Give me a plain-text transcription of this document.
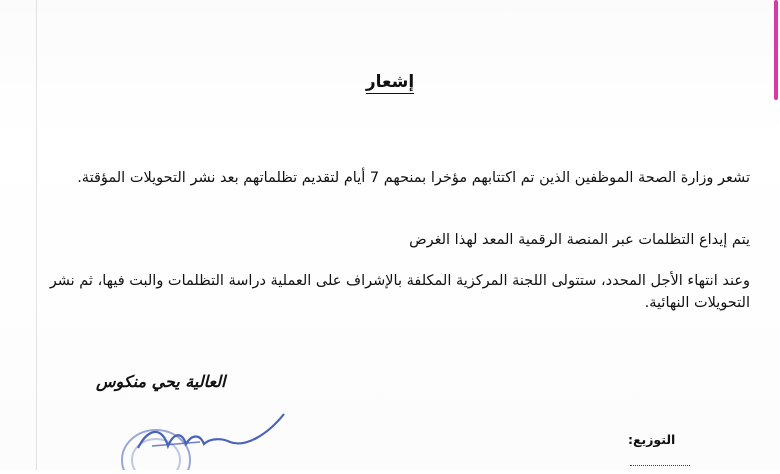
إشعار

تشعر وزارة الصحة الموظفين الذين تم اكتتابهم مؤخرا بمنحهم 7 أيام لتقديم تظلماتهم بعد نشر التحويلات المؤقتة.

يتم إيداع التظلمات عبر المنصة الرقمية المعد لهذا الغرض

وعند انتهاء الأجل المحدد، ستتولى اللجنة المركزية المكلفة بالإشراف على العملية دراسة التظلمات والبت فيها، ثم نشر التحويلات النهائية.

العالية يحي منكوس
التوزيع:
